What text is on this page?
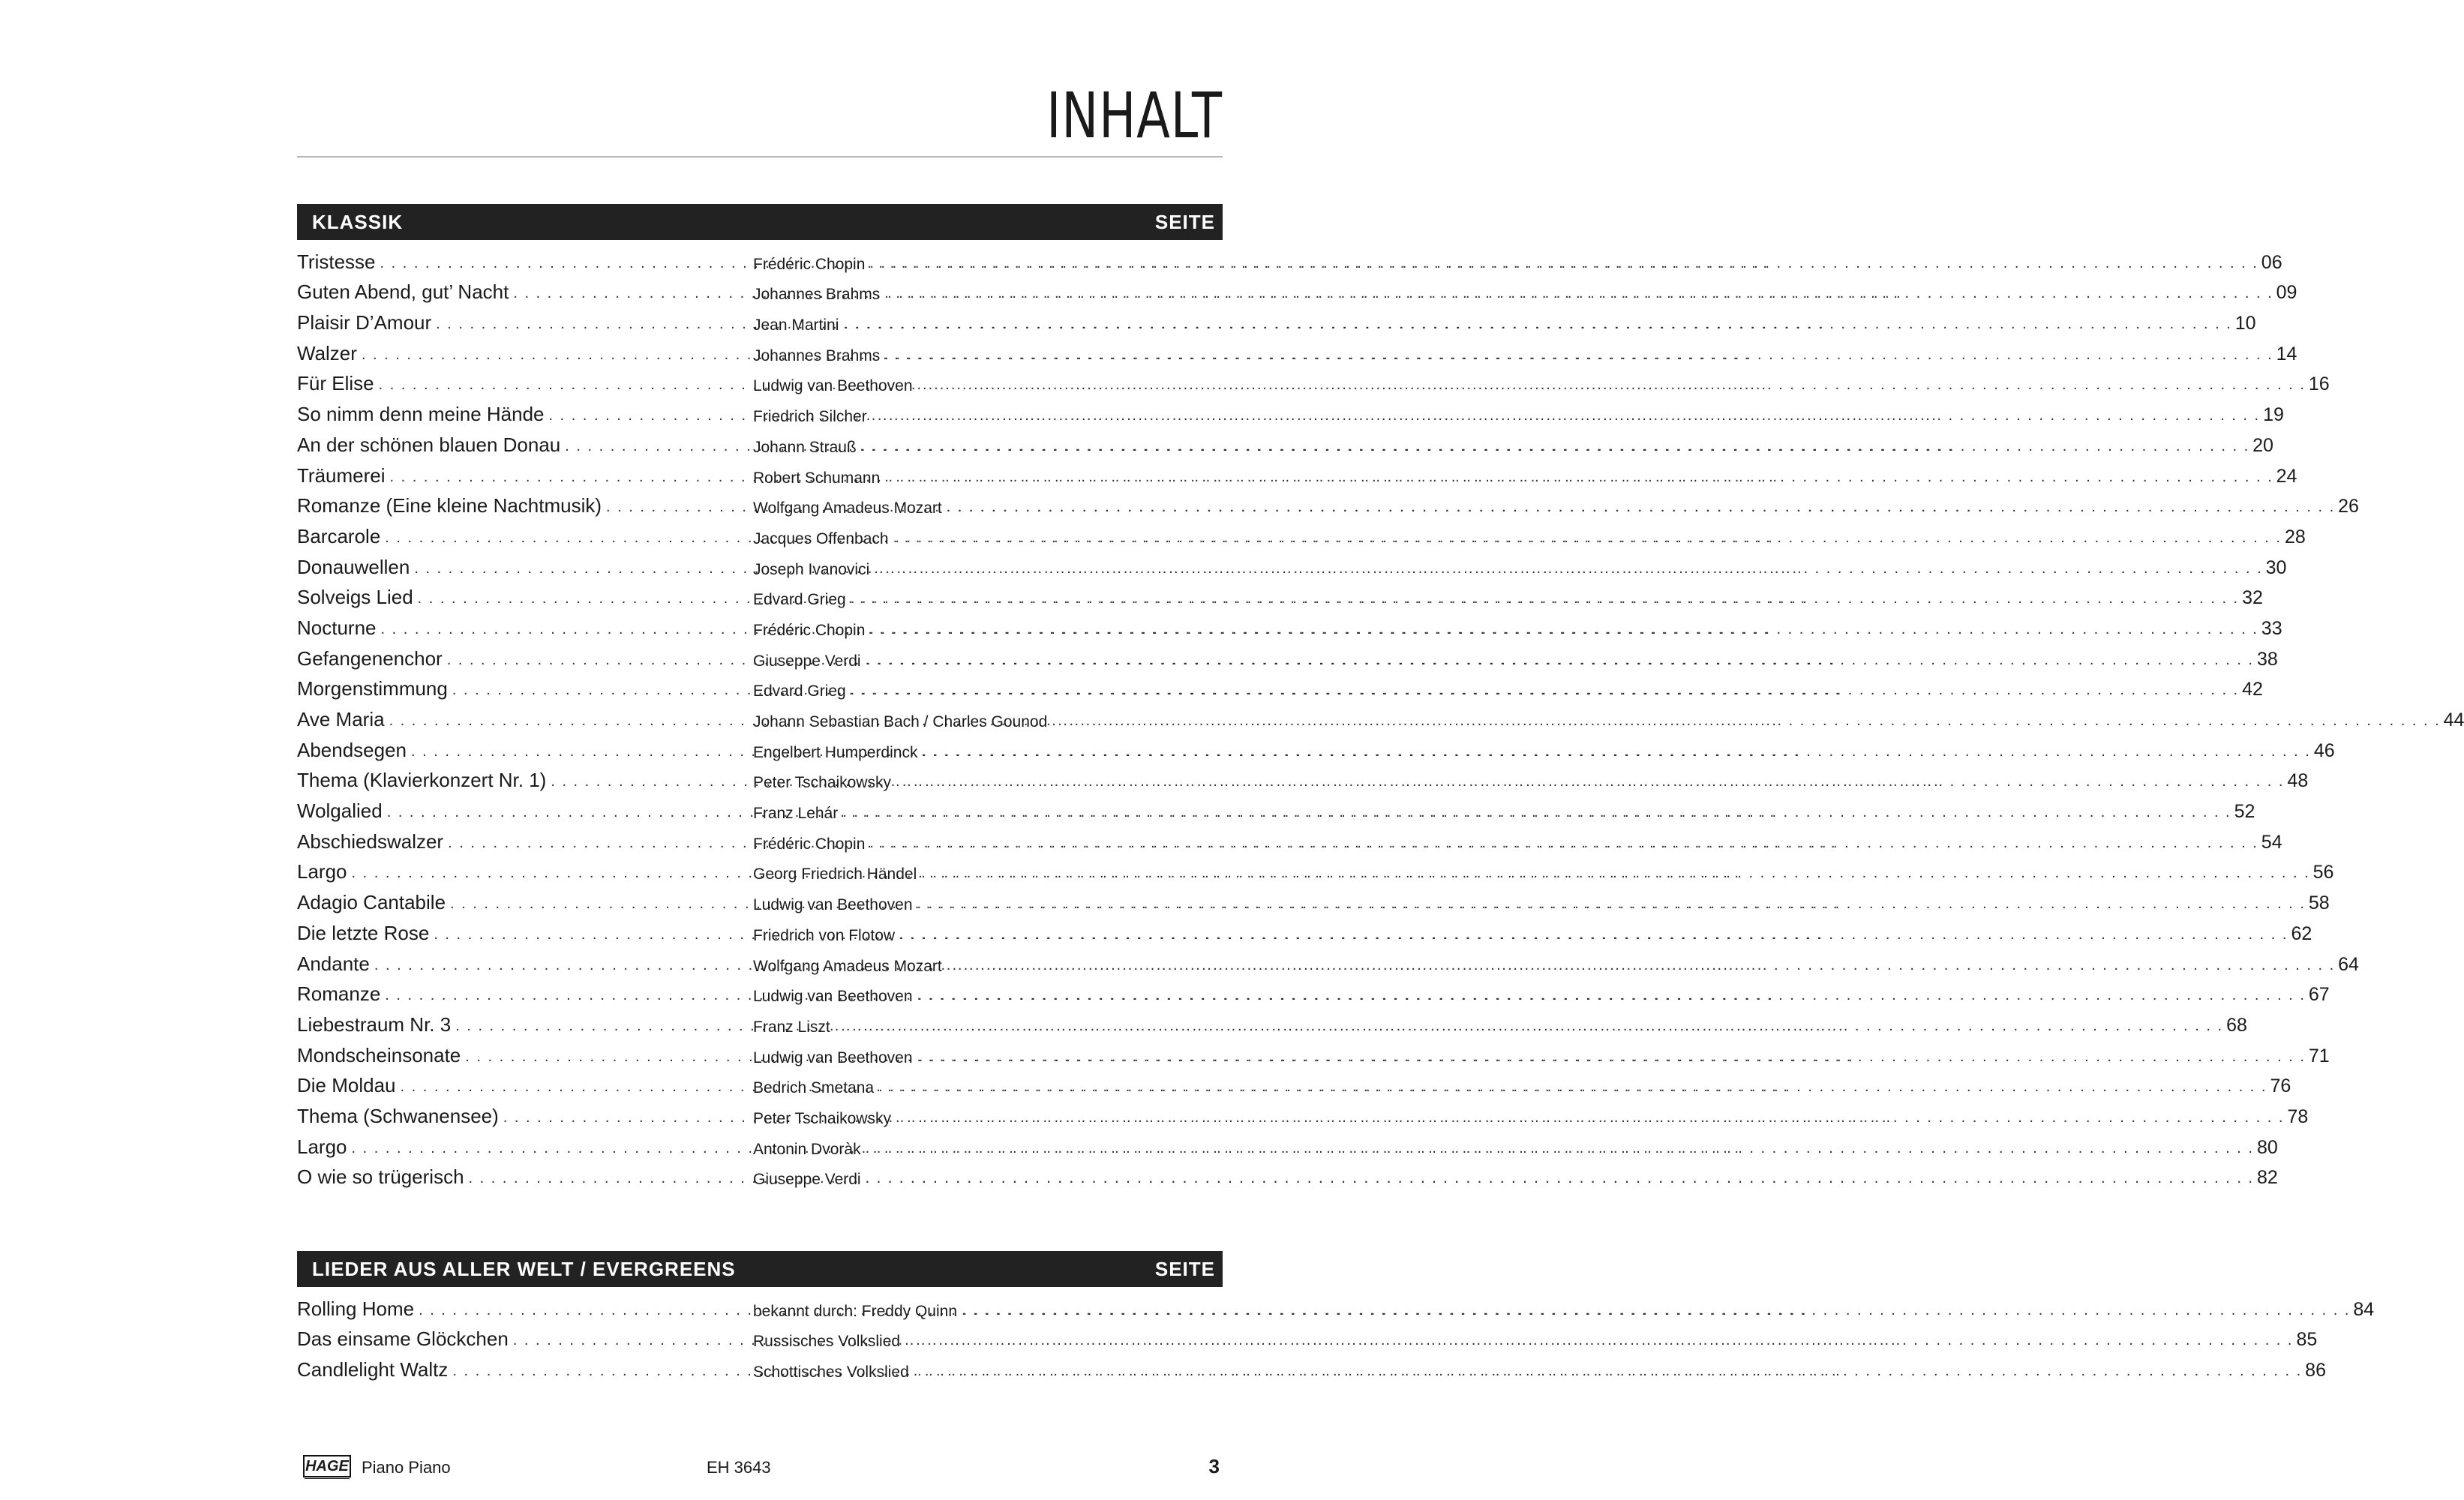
INHALT
KLASSIK	SEITE
Tristesse . . .	Frédéric Chopin . . .	06
Guten Abend, gut’ Nacht . . .	Johannes Brahms . . .	09
Plaisir D’Amour . . .	Jean Martini . . .	10
Walzer . . .	Johannes Brahms . . .	14
Für Elise . . .	Ludwig van Beethoven . . .	16
So nimm denn meine Hände . . .	Friedrich Silcher . . .	19
An der schönen blauen Donau . . .	Johann Strauß . . .	20
Träumerei . . .	Robert Schumann . . .	24
Romanze (Eine kleine Nachtmusik) . . .	Wolfgang Amadeus Mozart . . .	26
Barcarole . . .	Jacques Offenbach . . .	28
Donauwellen . . .	Joseph Ivanovici . . .	30
Solveigs Lied . . .	Edvard Grieg . . .	32
Nocturne . . .	Frédéric Chopin . . .	33
Gefangenenchor . . .	Giuseppe Verdi . . .	38
Morgenstimmung . . .	Edvard Grieg . . .	42
Ave Maria . . .	Johann Sebastian Bach / Charles Gounod . . .	44
Abendsegen . . .	Engelbert Humperdinck . . .	46
Thema (Klavierkonzert Nr. 1) . . .	Peter Tschaikowsky . . .	48
Wolgalied . . .	Franz Lehár . . .	52
Abschiedswalzer . . .	Frédéric Chopin . . .	54
Largo . . .	Georg Friedrich Händel . . .	56
Adagio Cantabile . . .	Ludwig van Beethoven . . .	58
Die letzte Rose . . .	Friedrich von Flotow . . .	62
Andante . . .	Wolfgang Amadeus Mozart . . .	64
Romanze . . .	Ludwig van Beethoven . . .	67
Liebestraum Nr. 3 . . .	Franz Liszt . . .	68
Mondscheinsonate . . .	Ludwig van Beethoven . . .	71
Die Moldau . . .	Bedrich Smetana . . .	76
Thema (Schwanensee) . . .	Peter Tschaikowsky . . .	78
Largo . . .	Antonin Dvoràk . . .	80
O wie so trügerisch . . .	Giuseppe Verdi . . .	82
LIEDER AUS ALLER WELT / EVERGREENS	SEITE
Rolling Home . . .	bekannt durch: Freddy Quinn . . .	84
Das einsame Glöckchen . . .	Russisches Volkslied . . .	85
Candlelight Waltz . . .	Schottisches Volkslied . . .	86
HAGE Piano Piano	EH 3643	3
